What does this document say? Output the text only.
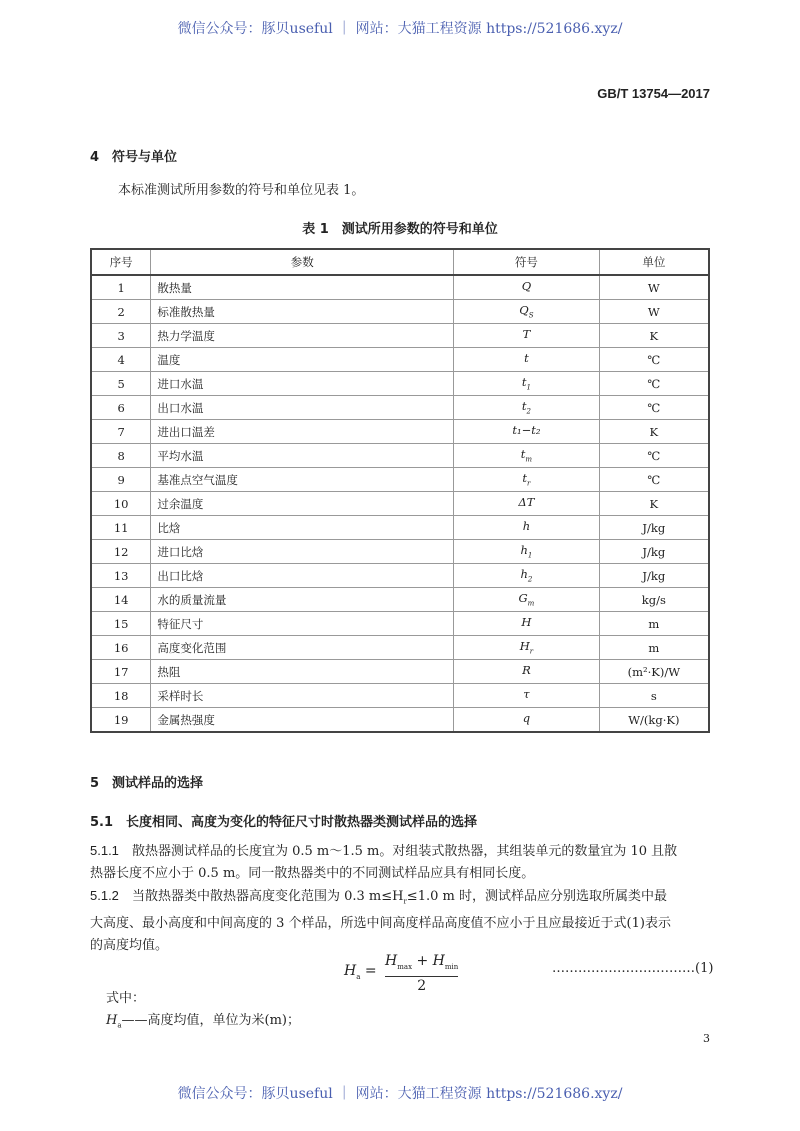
微信公众号：豚贝useful ｜ 网站：大猫工程资源 https://521686.xyz/
GB/T 13754—2017
4　符号与单位
本标准测试所用参数的符号和单位见表 1。
表 1　测试所用参数的符号和单位
序号	参数	符号	单位
1	散热量	Q	W
2	标准散热量	$Q_S$	W
3	热力学温度	T	K
4	温度	t	℃
5	进口水温	$t_1$	℃
6	出口水温	$t_2$	℃
7	进出口温差	t₁−t₂	K
8	平均水温	$t_m$	℃
9	基准点空气温度	$t_r$	℃
10	过余温度	ΔT	K
11	比焓	h	J/kg
12	进口比焓	$h_1$	J/kg
13	出口比焓	$h_2$	J/kg
14	水的质量流量	$G_m$	kg/s
15	特征尺寸	H	m
16	高度变化范围	$H_r$	m
17	热阻	R	(m²·K)/W
18	采样时长	τ	s
19	金属热强度	q	W/(kg·K)
5　测试样品的选择
5.1　长度相同、高度为变化的特征尺寸时散热器类测试样品的选择
5.1.1　 散热器测试样品的长度宜为 0.5 m～1.5 m。对组装式散热器，其组装单元的数量宜为 10 且散
热器长度不应小于 0.5 m。同一散热器类中的不同测试样品应具有相同长度。
5.1.2　 当散热器类中散热器高度变化范围为 0.3 $m\le H_r\le 1.0$ m 时，测试样品应分别选取所属类中最
大高度、最小高度和中间高度的 3 个样品，所选中间高度样品高度值不应小于且应最接近于式(1)表示
的高度均值。
$H_a$ =
$H_{max} + H_{min}$
2
……………………………(1)
式中：
$H_a——$高度均值，单位为米(m)；
3
微信公众号：豚贝useful ｜ 网站：大猫工程资源 https://521686.xyz/
